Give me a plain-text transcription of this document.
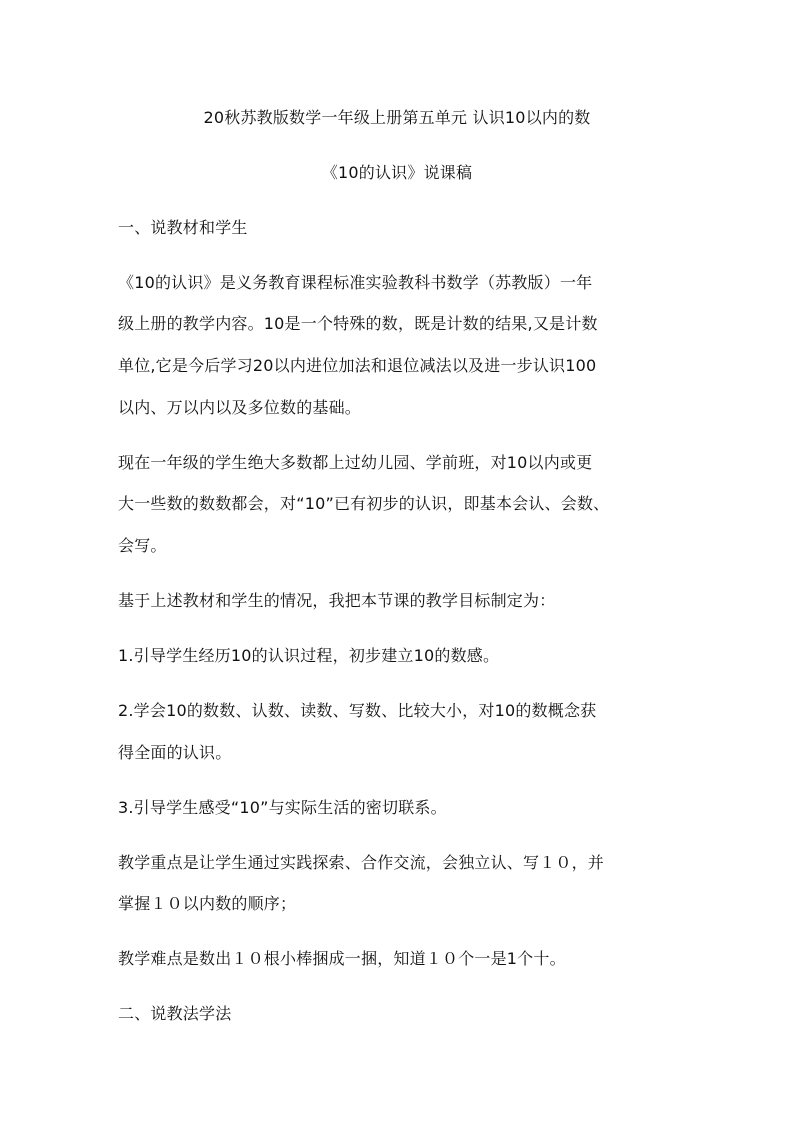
20秋苏教版数学一年级上册第五单元 认识10以内的数
《10的认识》说课稿
一、说教材和学生
《10的认识》是义务教育课程标准实验教科书数学（苏教版）一年
级上册的教学内容。10是一个特殊的数，既是计数的结果,又是计数
单位,它是今后学习20以内进位加法和退位减法以及进一步认识100
以内、万以内以及多位数的基础。
现在一年级的学生绝大多数都上过幼儿园、学前班，对10以内或更
大一些数的数数都会，对“10”已有初步的认识，即基本会认、会数、
会写。
基于上述教材和学生的情况，我把本节课的教学目标制定为：
1.引导学生经历10的认识过程，初步建立10的数感。
2.学会10的数数、认数、读数、写数、比较大小，对10的数概念获
得全面的认识。
3.引导学生感受“10”与实际生活的密切联系。
教学重点是让学生通过实践探索、合作交流，会独立认、写１０，并
掌握１０以内数的顺序；
教学难点是数出１０根小棒捆成一捆，知道１０个一是1个十。
二、说教法学法
